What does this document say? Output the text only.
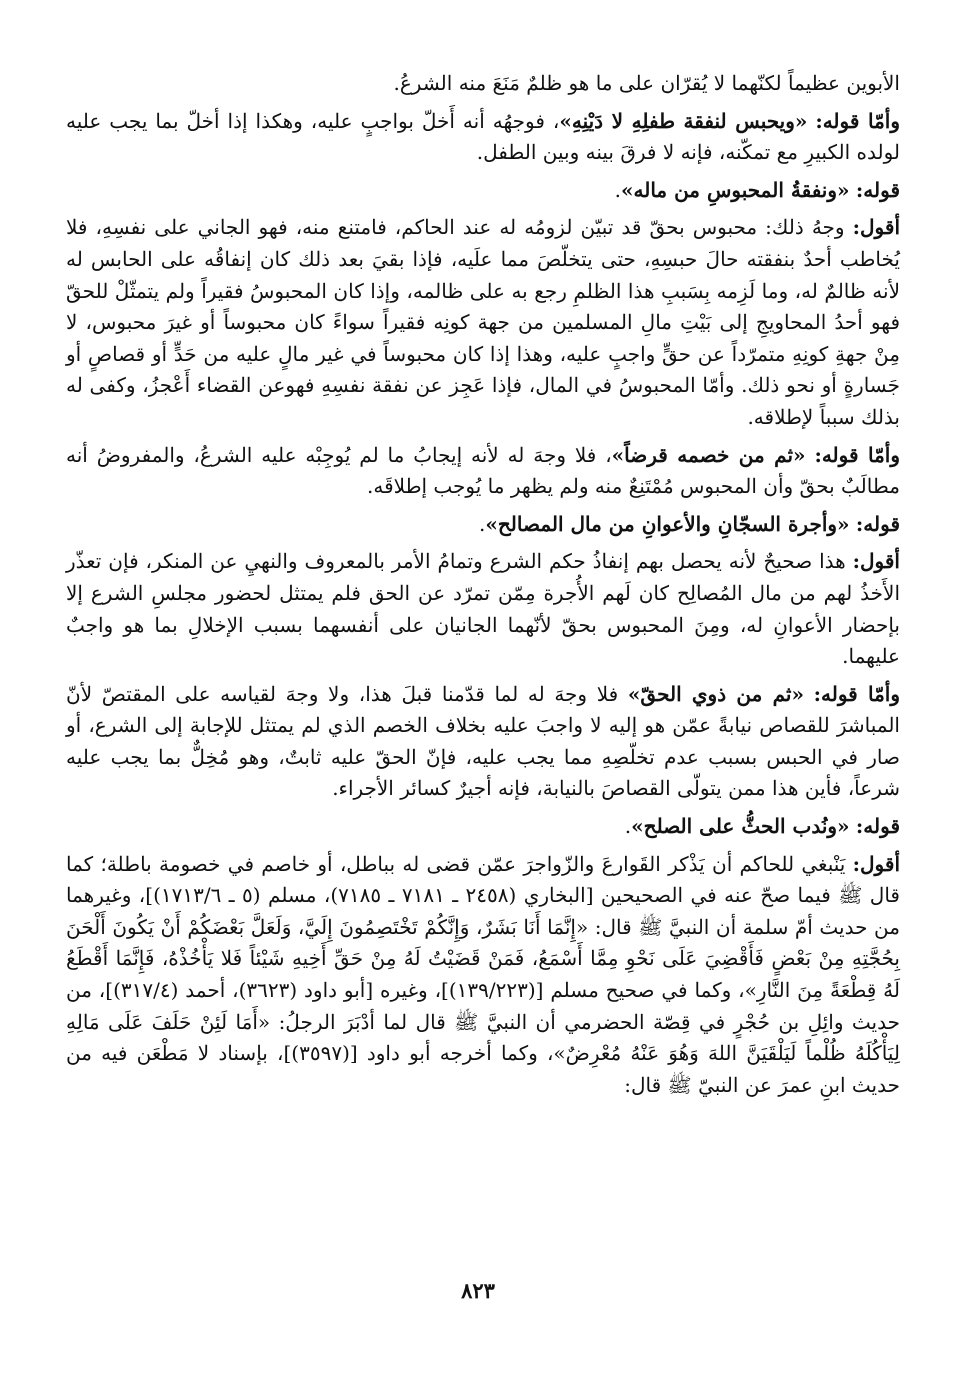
الأبوين عظيماً لكنّهما لا يُقرّان على ما هو ظلمٌ مَنَعَ منه الشرعُ.

وأمّا قوله: «ويحبس لنفقة طفلِهِ لا دَيْنِهِ»، فوجهُه أنه أَخلّ بواجبٍ عليه، وهكذا إذا أخلّ بما يجب عليه لولده الكبيرِ مع تمكّنه، فإنه لا فرقَ بينه وبين الطفل.

قوله: «ونفقةُ المحبوسِ من ماله».

أقول: وجهُ ذلك: محبوس بحقّ قد تبيّن لزومُه له عند الحاكم، فامتنع منه، فهو الجاني على نفسِهِ، فلا يُخاطب أحدٌ بنفقته حالَ حبسِهِ، حتى يتخلّصَ مما علَيه، فإذا بقيَ بعد ذلك كان إنفاقُه على الحابس له لأنه ظالمٌ له، وما لَزِمه بِسَببِ هذا الظلمِ رجع به على ظالمه، وإذا كان المحبوسُ فقيراً ولم يتمثّلْ للحقّ فهو أحدُ المحاويجِ إلى بَيْتِ مالِ المسلمين من جهة كونِه فقيراً سواءً كان محبوساً أو غيرَ محبوس، لا مِنْ جهةِ كونِهِ متمرّداً عن حقٍّ واجبٍ عليه، وهذا إذا كان محبوساً في غير مالٍ عليه من حَدٍّ أو قصاصٍ أو جَسارةٍ أو نحو ذلك. وأمّا المحبوسُ في المال، فإذا عَجِز عن نفقة نفسِهِ فهوعن القضاء أَعْجزُ، وكفى له بذلك سبباً لإطلاقه.

وأمّا قوله: «ثم من خصمه قرضاً»، فلا وجهَ له لأنه إيجابُ ما لم يُوجِبْه عليه الشرعُ، والمفروضُ أنه مطالَبٌ بحقّ وأن المحبوس مُمْتَنِعٌ منه ولم يظهر ما يُوجب إطلاقَه.

قوله: «وأجرة السجّانِ والأعوانِ من مال المصالح».

أقول: هذا صحيحٌ لأنه يحصل بهم إنفاذُ حكم الشرع وتمامُ الأمر بالمعروف والنهيِ عن المنكر، فإن تعذّر الأَخذُ لهم من مال المُصالِح كان لَهم الأُجرة مِمّن تمرّد عن الحق فلم يمتثل لحضور مجلسِ الشرع إلا بإحضار الأعوانِ له، ومِنَ المحبوس بحقّ لأنّهما الجانيان على أنفسهما بسبب الإخلالِ بما هو واجبٌ عليهما.

وأمّا قوله: «ثم من ذوي الحقّ» فلا وجهَ له لما قدّمنا قبلَ هذا، ولا وجهَ لقياسه على المقتصّ لأنّ المباشرَ للقصاص نيابةً عمّن هو إليه لا واجبَ عليه بخلاف الخصم الذي لم يمتثل للإجابة إلى الشرع، أو صار في الحبس بسبب عدم تخلّصِهِ مما يجب عليه، فإنّ الحقّ عليه ثابتٌ، وهو مُخِلٌّ بما يجب عليه شرعاً، فأين هذا ممن يتولّى القصاصَ بالنيابة، فإنه أجيرٌ كسائر الأجراء.

قوله: «ونُدب الحثُّ على الصلح».

أقول: يَنْبغي للحاكم أن يَذْكر القَوارعَ والزّواجرَ عمّن قضى له بباطل، أو خاصم في خصومة باطلة؛ كما قال ﷺ فيما صحّ عنه في الصحيحين [البخاري (٢٤٥٨ ـ ٧١٨١ ـ ٧١٨٥)، مسلم (٥ ـ ١٧١٣/٦)]، وغيرهما من حديث أمّ سلمة أن النبيَّ ﷺ قال: «إِنَّمَا أَنَا بَشَرٌ، وَإِنَّكُمْ تَخْتَصِمُونَ إِلَيَّ، وَلَعَلَّ بَعْضَكُمْ أَنْ يَكُونَ أَلْحَنَ بِحُجَّتِهِ مِنْ بَعْضٍ فَأَقْضِيَ عَلَى نَحْوِ مِمَّا أَسْمَعُ، فَمَنْ قَضَيْتُ لَهُ مِنْ حَقِّ أَخِيهِ شَيْئاً فَلا يَأْخُذْهُ، فَإِنَّمَا أَقْطَعُ لَهُ قِطْعَةً مِنَ النَّارِ»، وكما في صحيح مسلم [(١٣٩/٢٢٣)]، وغيره [أبو داود (٣٦٢٣)، أحمد (٣١٧/٤)]، من حديث وائِلِ بن حُجْرٍ في قِصّة الحضرمي أن النبيَّ ﷺ قال لما أدْبَرَ الرجلُ: «أَمَا لَئِنْ حَلَفَ عَلَى مَالِهِ لِيَأْكُلَهُ ظُلْماً لَيَلْقَيَنَّ اللهَ وَهُوَ عَنْهُ مُعْرِضٌ»، وكما أخرجه أبو داود [(٣٥٩٧)]، بإسناد لا مَطْعَن فيه من حديث ابنِ عمرَ عن النبيّ ﷺ قال:

٨٢٣
